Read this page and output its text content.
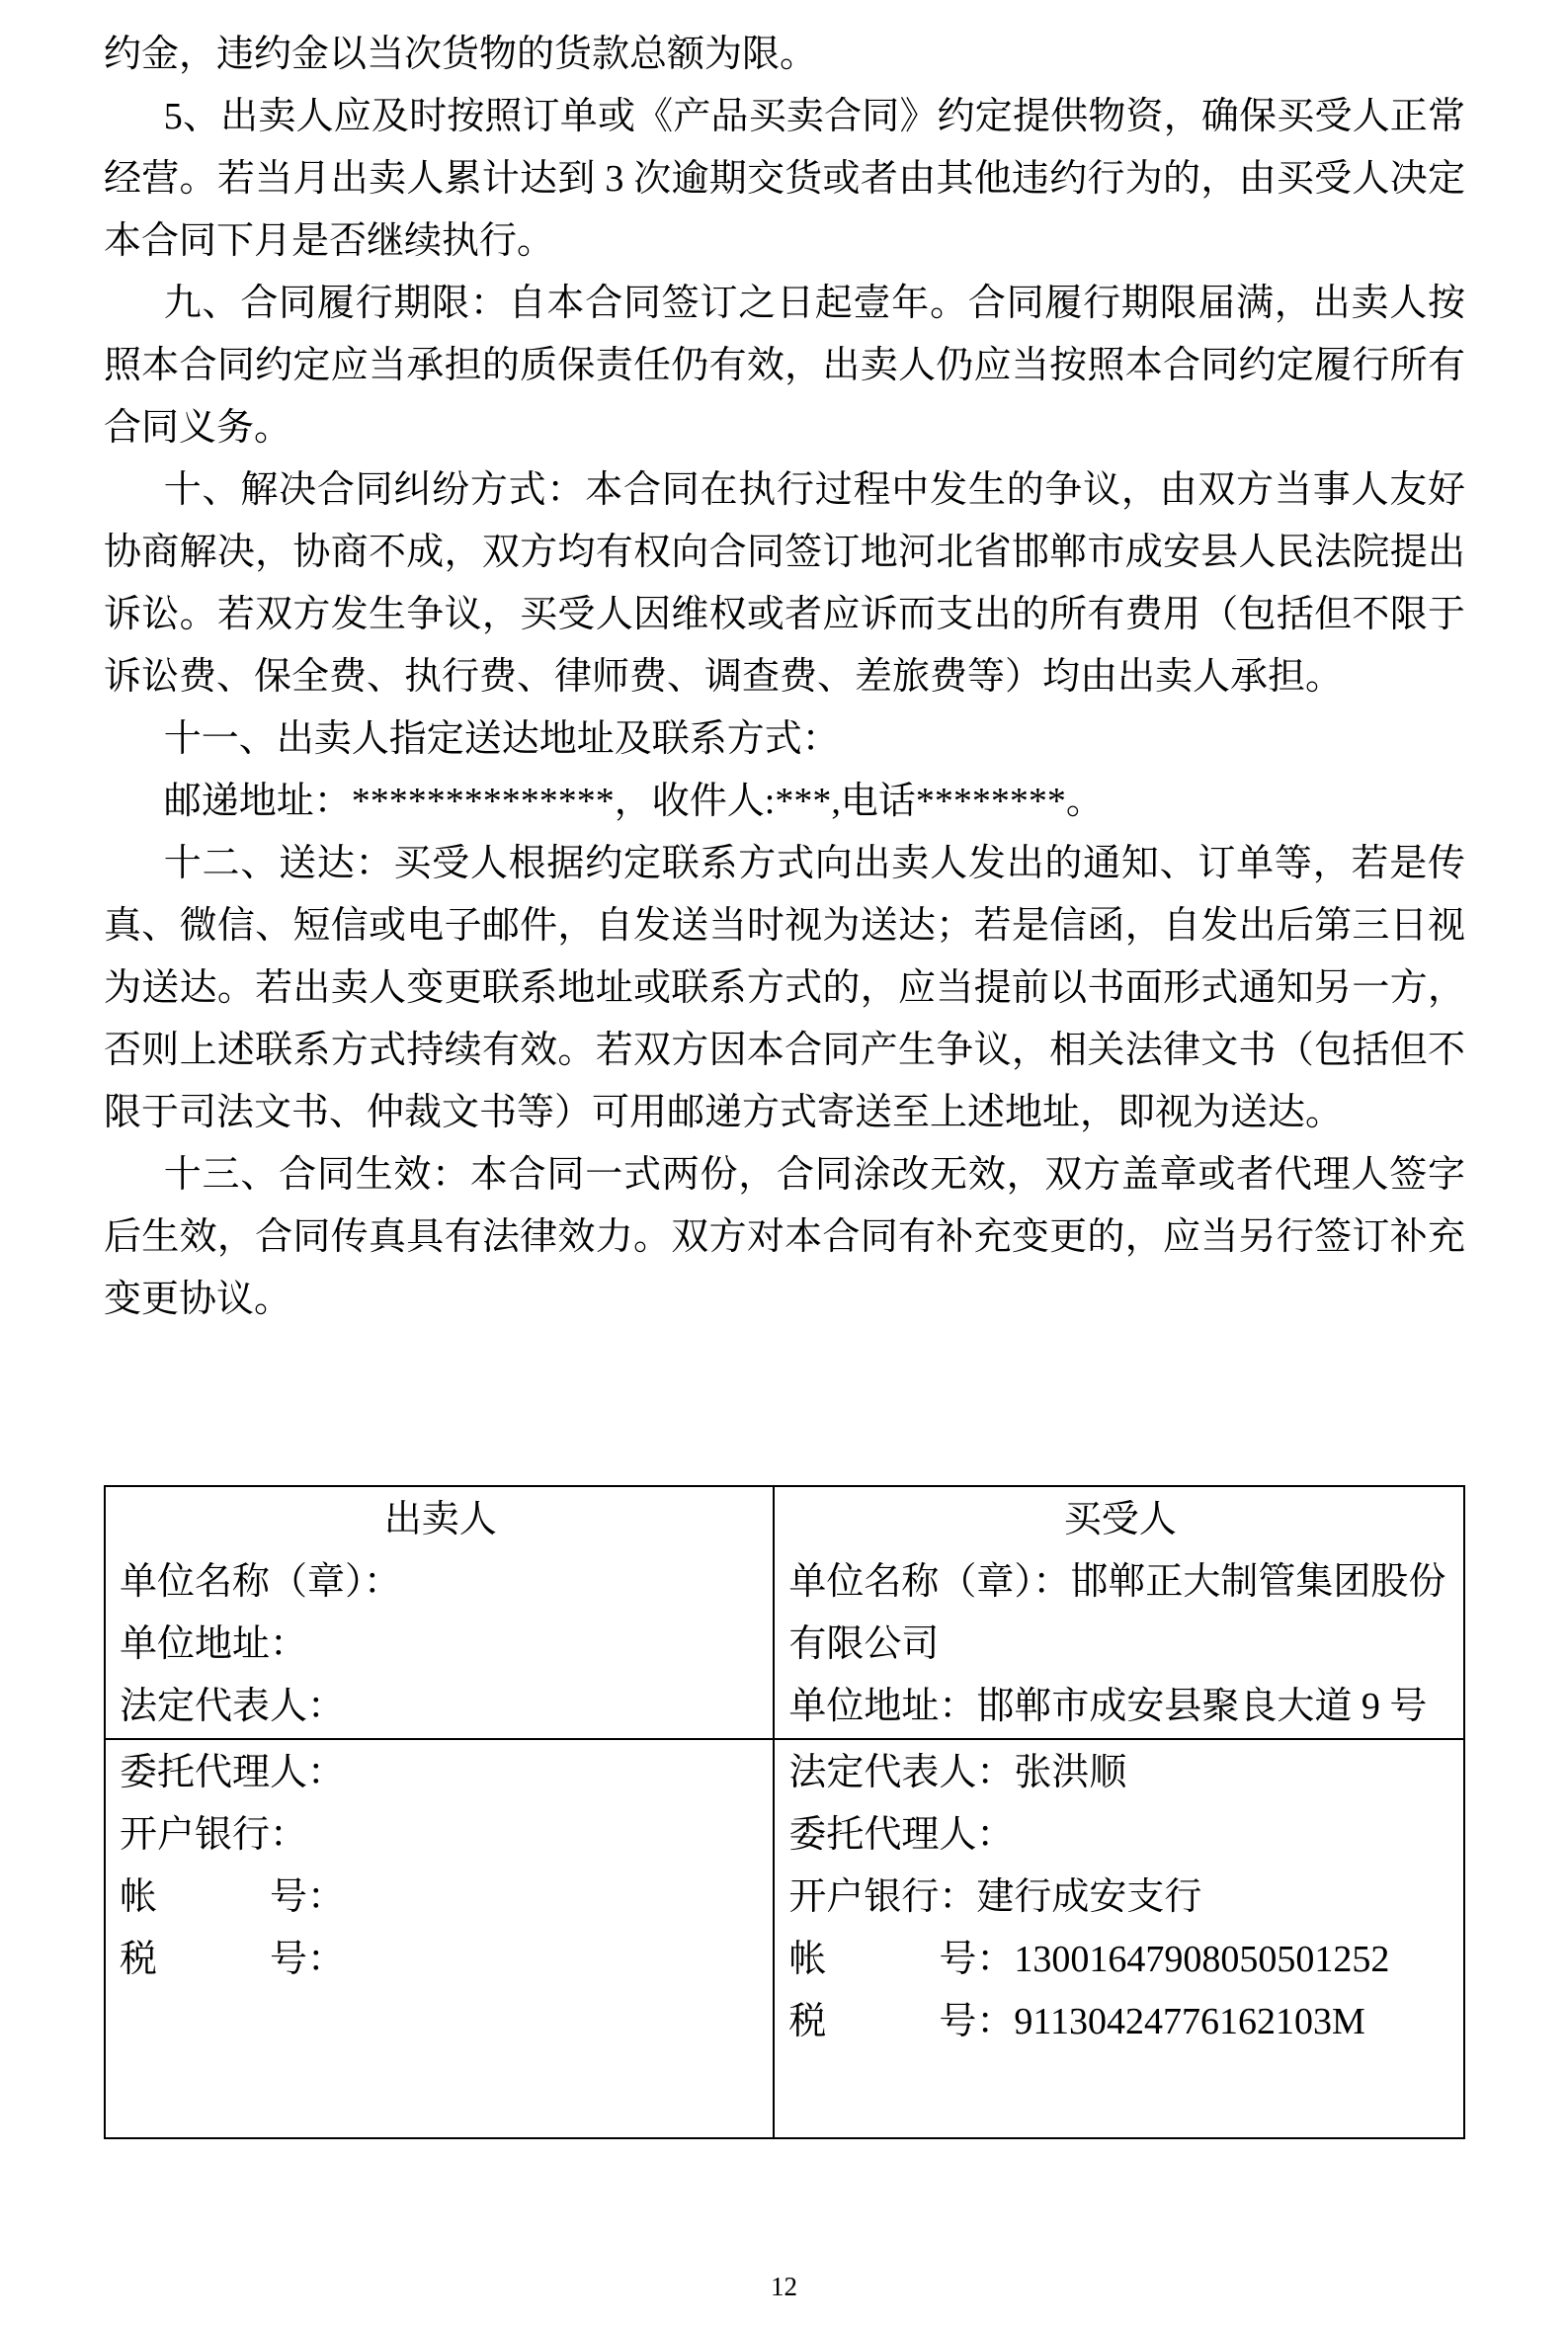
约金，违约金以当次货物的货款总额为限。

5、出卖人应及时按照订单或《产品买卖合同》约定提供物资，确保买受人正常经营。若当月出卖人累计达到 3 次逾期交货或者由其他违约行为的，由买受人决定本合同下月是否继续执行。

九、合同履行期限：自本合同签订之日起壹年。合同履行期限届满，出卖人按照本合同约定应当承担的质保责任仍有效，出卖人仍应当按照本合同约定履行所有合同义务。

十、解决合同纠纷方式：本合同在执行过程中发生的争议，由双方当事人友好协商解决，协商不成，双方均有权向合同签订地河北省邯郸市成安县人民法院提出诉讼。若双方发生争议，买受人因维权或者应诉而支出的所有费用（包括但不限于诉讼费、保全费、执行费、律师费、调查费、差旅费等）均由出卖人承担。

十一、出卖人指定送达地址及联系方式：

邮递地址：**************，收件人:***,电话********。

十二、送达：买受人根据约定联系方式向出卖人发出的通知、订单等，若是传真、微信、短信或电子邮件，自发送当时视为送达；若是信函，自发出后第三日视为送达。若出卖人变更联系地址或联系方式的，应当提前以书面形式通知另一方，否则上述联系方式持续有效。若双方因本合同产生争议，相关法律文书（包括但不限于司法文书、仲裁文书等）可用邮递方式寄送至上述地址，即视为送达。

十三、合同生效：本合同一式两份，合同涂改无效，双方盖章或者代理人签字后生效，合同传真具有法律效力。双方对本合同有补充变更的，应当另行签订补充变更协议。

出卖人
单位名称（章）：
单位地址：
法定代表人：

买受人
单位名称（章）：邯郸正大制管集团股份有限公司
单位地址：邯郸市成安县聚良大道 9 号

委托代理人：
开户银行：
帐　　　号：
税　　　号：

法定代表人：张洪顺
委托代理人：
开户银行：建行成安支行
帐　　　号：13001647908050501252
税　　　号：91130424776162103M
12
